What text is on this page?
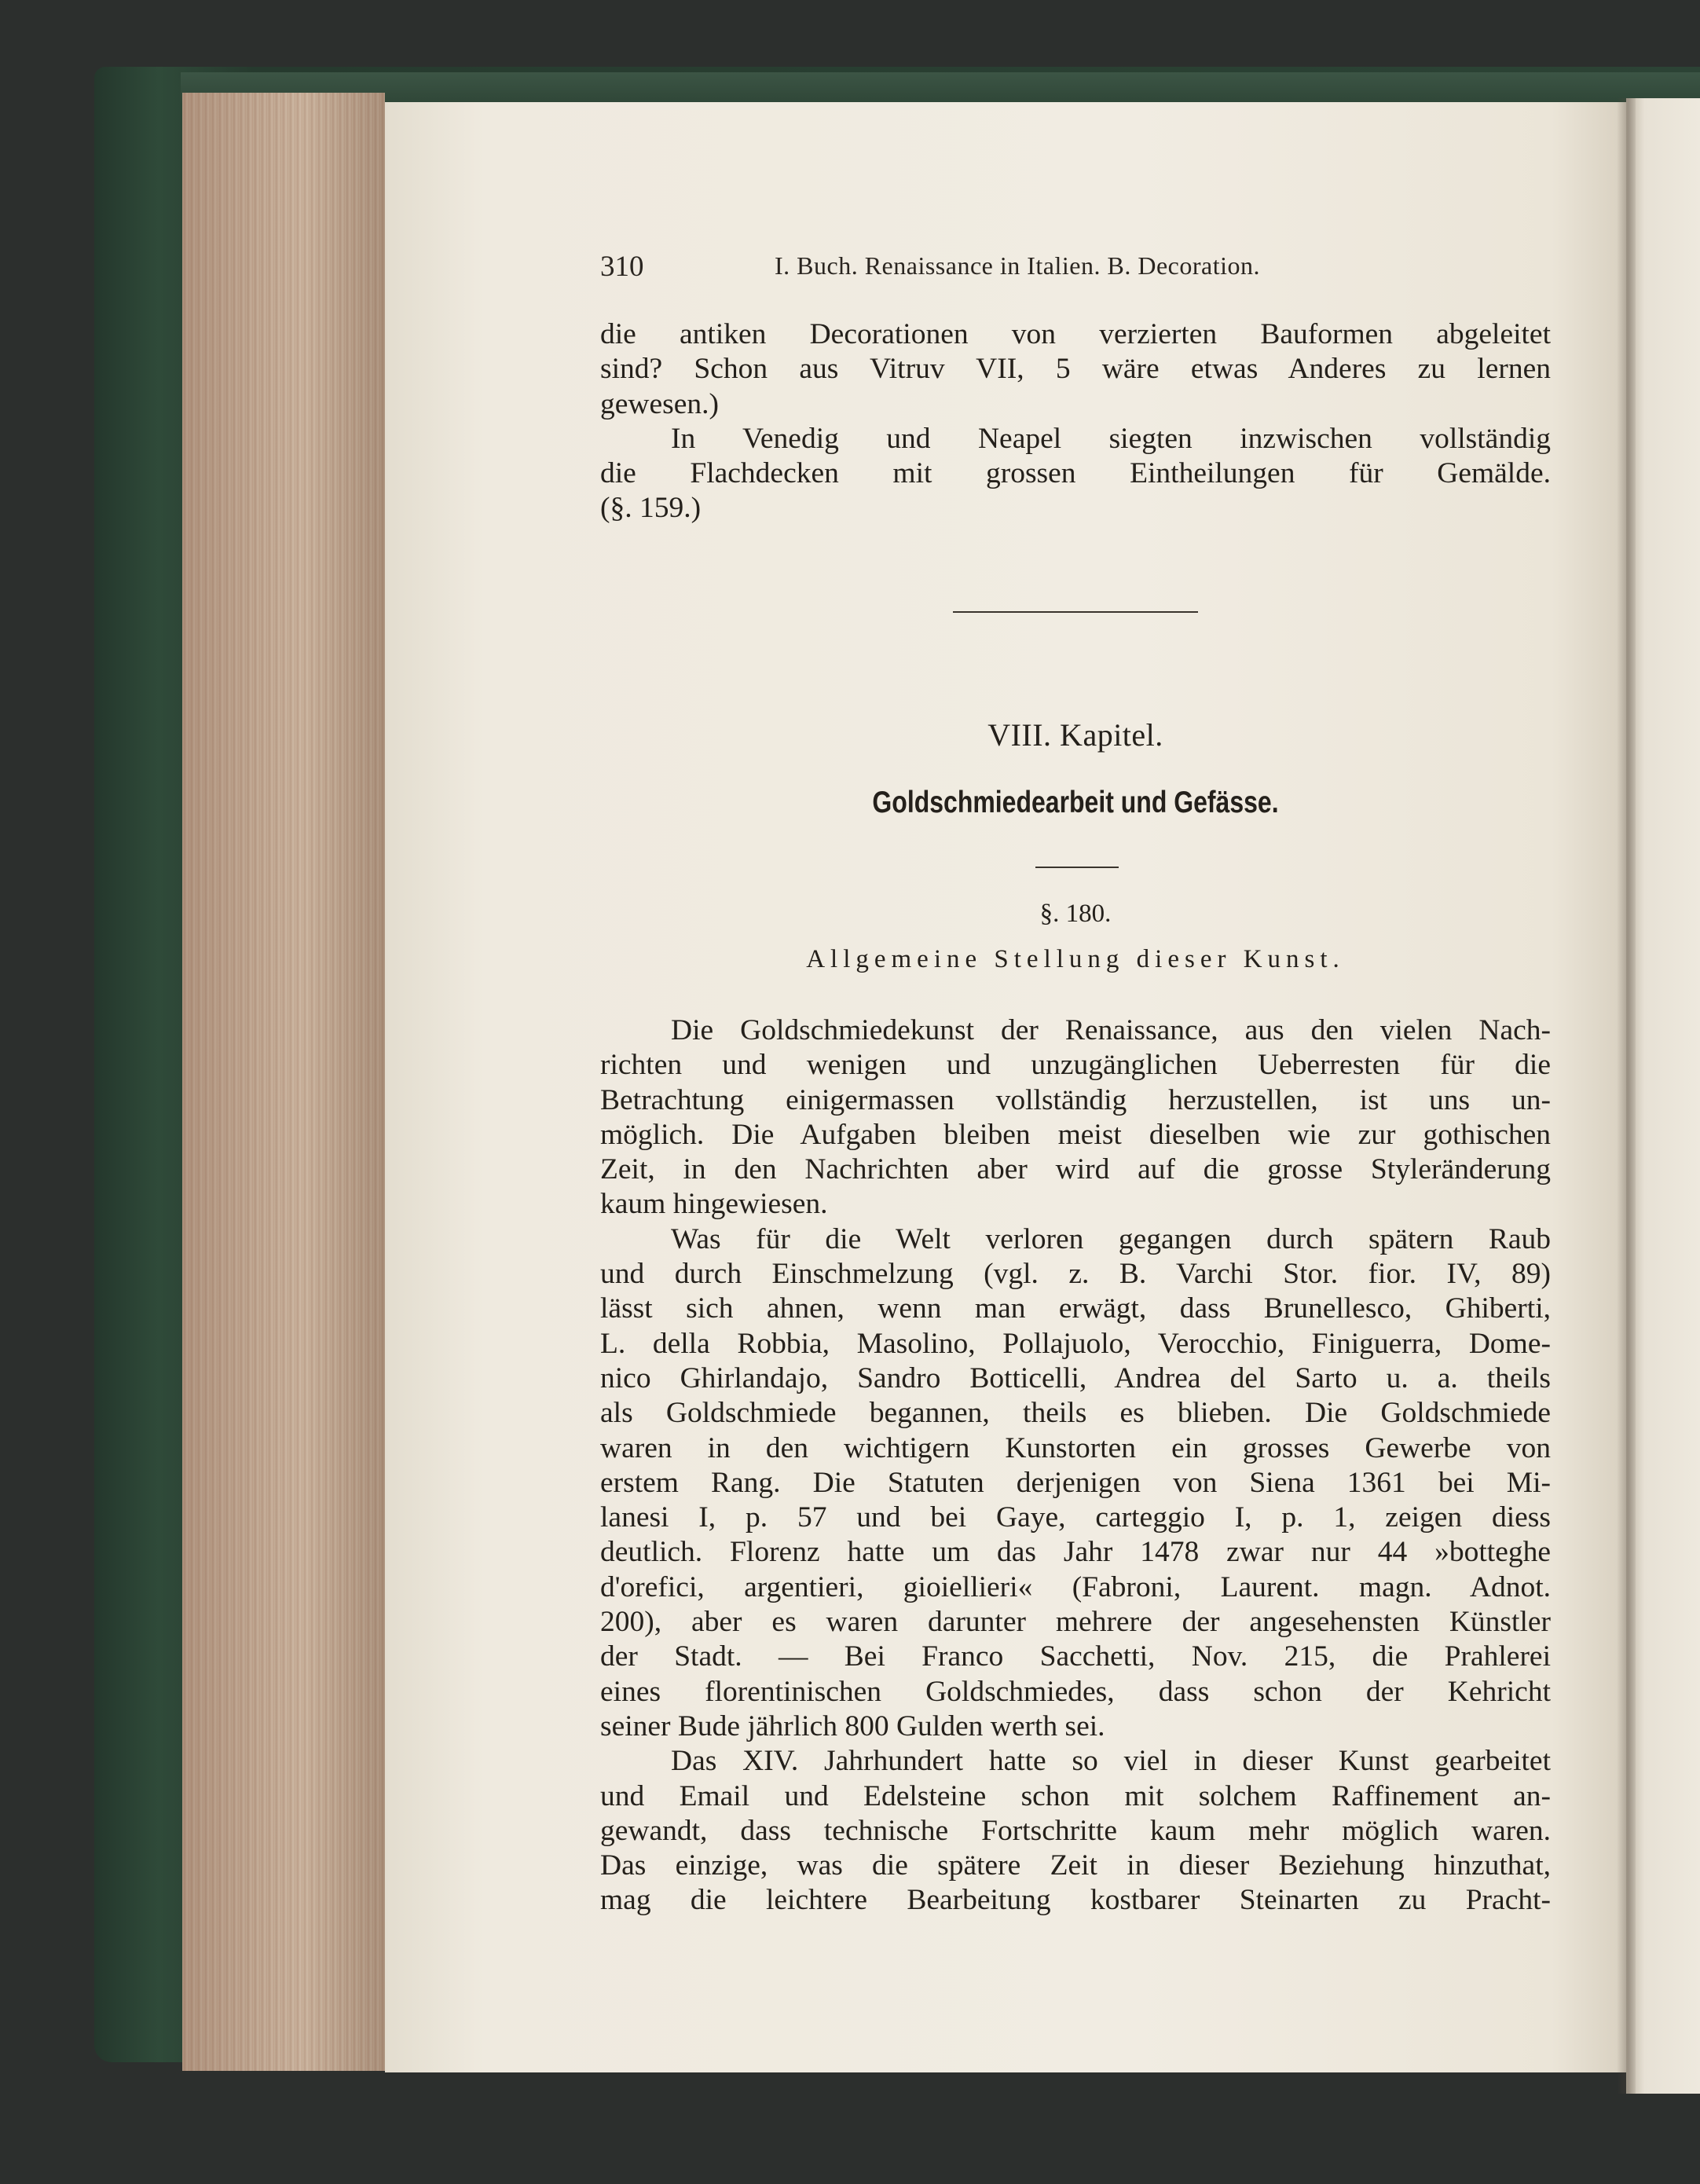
310	I. Buch. Renaissance in Italien. B. Decoration.
die antiken Decorationen von verzierten Bauformen abgeleitet
sind? Schon aus Vitruv VII, 5 wäre etwas Anderes zu lernen
gewesen.)
In Venedig und Neapel siegten inzwischen vollständig
die Flachdecken mit grossen Eintheilungen für Gemälde.
(§. 159.)
VIII. Kapitel.
Goldschmiedearbeit und Gefässe.
§. 180.
Allgemeine Stellung dieser Kunst.
Die Goldschmiedekunst der Renaissance, aus den vielen Nach-
richten und wenigen und unzugänglichen Ueberresten für die
Betrachtung einigermassen vollständig herzustellen, ist uns un-
möglich. Die Aufgaben bleiben meist dieselben wie zur gothischen
Zeit, in den Nachrichten aber wird auf die grosse Styleränderung
kaum hingewiesen.
Was für die Welt verloren gegangen durch spätern Raub
und durch Einschmelzung (vgl. z. B. Varchi Stor. fior. IV, 89)
lässt sich ahnen, wenn man erwägt, dass Brunellesco, Ghiberti,
L. della Robbia, Masolino, Pollajuolo, Verocchio, Finiguerra, Dome-
nico Ghirlandajo, Sandro Botticelli, Andrea del Sarto u. a. theils
als Goldschmiede begannen, theils es blieben. Die Goldschmiede
waren in den wichtigern Kunstorten ein grosses Gewerbe von
erstem Rang. Die Statuten derjenigen von Siena 1361 bei Mi-
lanesi I, p. 57 und bei Gaye, carteggio I, p. 1, zeigen diess
deutlich. Florenz hatte um das Jahr 1478 zwar nur 44 »botteghe
d'orefici, argentieri, gioiellieri« (Fabroni, Laurent. magn. Adnot.
200), aber es waren darunter mehrere der angesehensten Künstler
der Stadt. — Bei Franco Sacchetti, Nov. 215, die Prahlerei
eines florentinischen Goldschmiedes, dass schon der Kehricht
seiner Bude jährlich 800 Gulden werth sei.
Das XIV. Jahrhundert hatte so viel in dieser Kunst gearbeitet
und Email und Edelsteine schon mit solchem Raffinement an-
gewandt, dass technische Fortschritte kaum mehr möglich waren.
Das einzige, was die spätere Zeit in dieser Beziehung hinzuthat,
mag die leichtere Bearbeitung kostbarer Steinarten zu Pracht-
